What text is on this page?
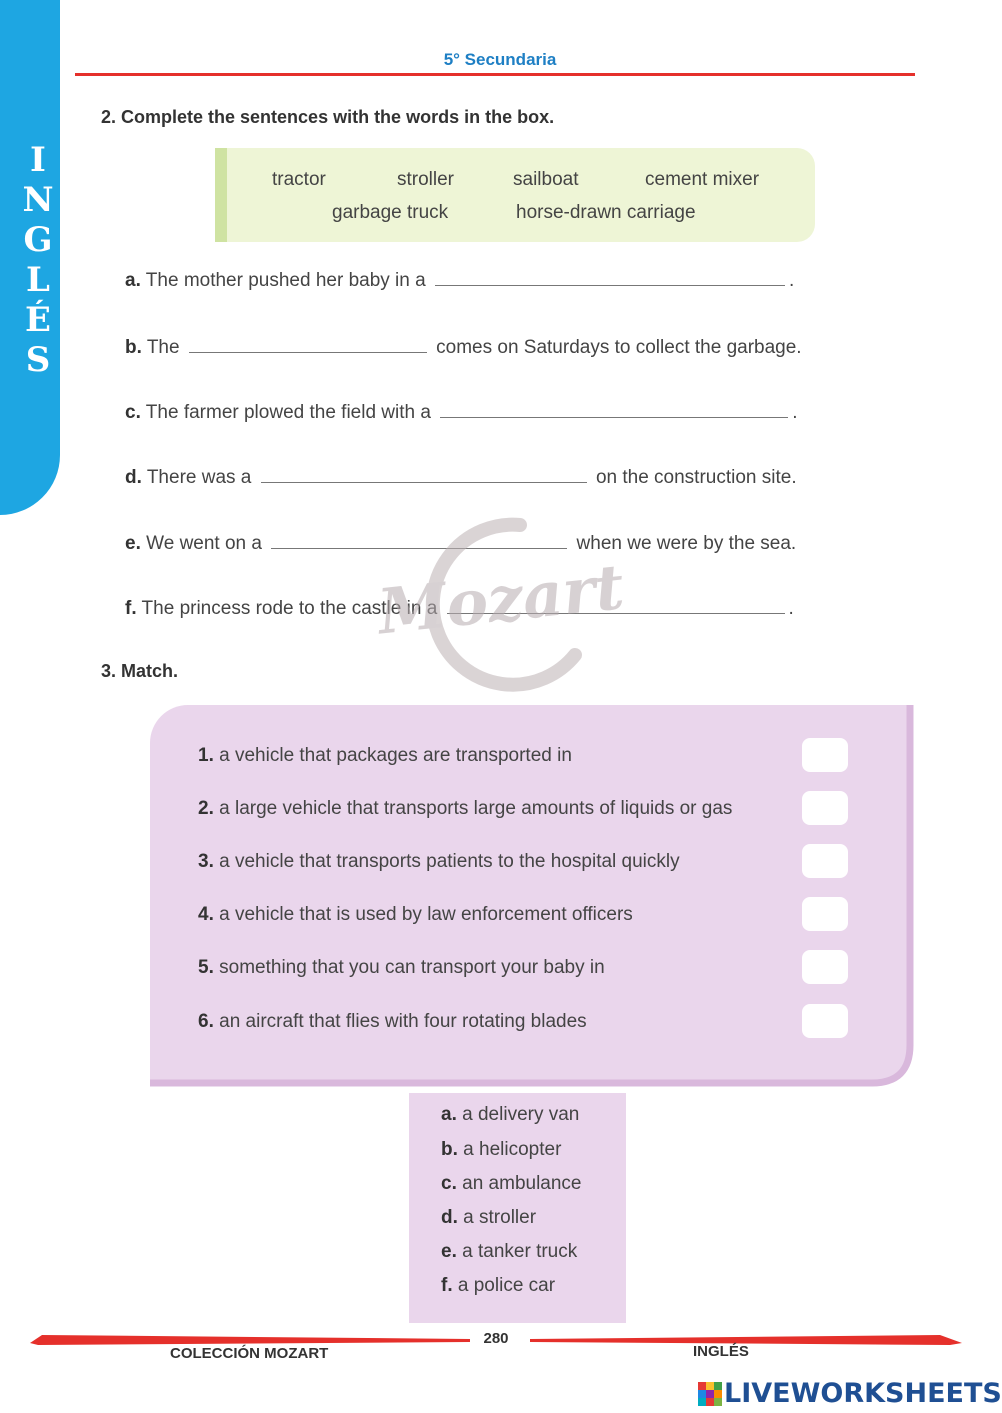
I
N
G
L
É
S
5° Secundaria
2. Complete the sentences with the words in the box.
tractor	stroller	sailboat	cement mixer
garbage truck	horse-drawn carriage
a. The mother pushed her baby in a	.
b. The	comes on Saturdays to collect the garbage.
c. The farmer plowed the field with a	.
d. There was a	on the construction site.
e. We went on a	when we were by the sea.
f. The princess rode to the castle in a	.
Mozart
3. Match.
1. a vehicle that packages are transported in
2. a large vehicle that transports large amounts of liquids or gas
3. a vehicle that transports patients to the hospital quickly
4. a vehicle that is used by law enforcement officers
5. something that you can transport your baby in
6. an aircraft that flies with four rotating blades
a. a delivery van
b. a helicopter
c. an ambulance
d. a stroller
e. a tanker truck
f. a police car
280
COLECCIÓN MOZART	INGLÉS
LIVEWORKSHEETS
